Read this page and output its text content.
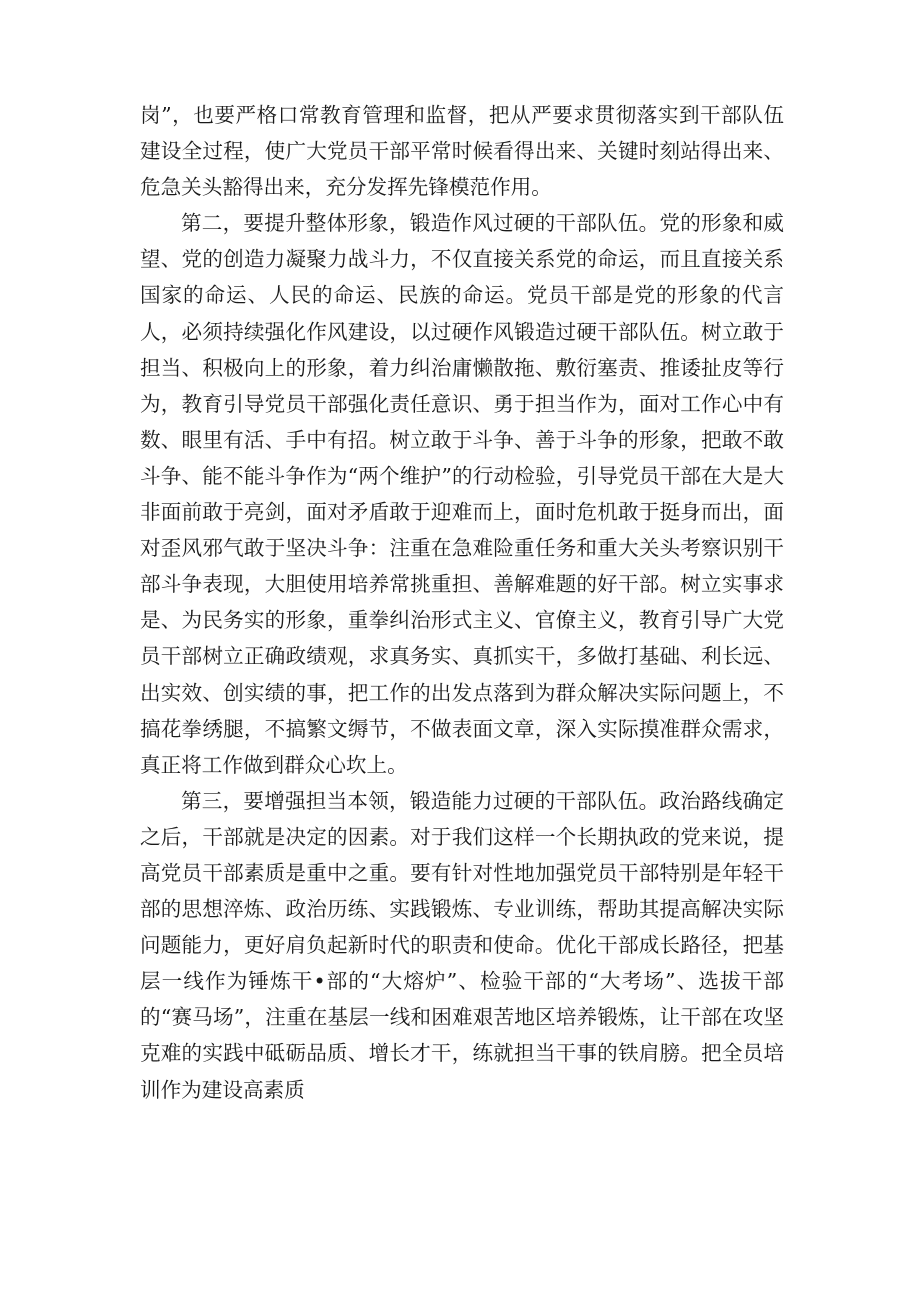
岗”，也要严格口常教育管理和监督，把从严要求贯彻落实到干部队伍建设全过程，使广大党员干部平常时候看得出来、关键时刻站得出来、危急关头豁得出来，充分发挥先锋模范作用。

第二，要提升整体形象，锻造作风过硬的干部队伍。党的形象和威望、党的创造力凝聚力战斗力，不仅直接关系党的命运，而且直接关系国家的命运、人民的命运、民族的命运。党员干部是党的形象的代言人，必须持续强化作风建设，以过硬作风锻造过硬干部队伍。树立敢于担当、积极向上的形象，着力纠治庸懒散拖、敷衍塞责、推诿扯皮等行为，教育引导党员干部强化责任意识、勇于担当作为，面对工作心中有数、眼里有活、手中有招。树立敢于斗争、善于斗争的形象，把敢不敢斗争、能不能斗争作为“两个维护”的行动检验，引导党员干部在大是大非面前敢于亮剑，面对矛盾敢于迎难而上，面时危机敢于挺身而出，面对歪风邪气敢于坚决斗争：注重在急难险重任务和重大关头考察识别干部斗争表现，大胆使用培养常挑重担、善解难题的好干部。树立实事求是、为民务实的形象，重拳纠治形式主义、官僚主义，教育引导广大党员干部树立正确政绩观，求真务实、真抓实干，多做打基础、利长远、出实效、创实绩的事，把工作的出发点落到为群众解决实际问题上，不搞花拳绣腿，不搞繁文缛节，不做表面文章，深入实际摸准群众需求，真正将工作做到群众心坎上。

第三，要增强担当本领，锻造能力过硬的干部队伍。政治路线确定之后，干部就是决定的因素。对于我们这样一个长期执政的党来说，提高党员干部素质是重中之重。要有针对性地加强党员干部特别是年轻干部的思想淬炼、政治历练、实践锻炼、专业训练，帮助其提高解决实际问题能力，更好肩负起新时代的职责和使命。优化干部成长路径，把基层一线作为锤炼干•部的“大熔炉”、检验干部的“大考场”、选拔干部的“赛马场”，注重在基层一线和困难艰苦地区培养锻炼，让干部在攻坚克难的实践中砥砺品质、增长才干，练就担当干事的铁肩膀。把全员培训作为建设高素质
